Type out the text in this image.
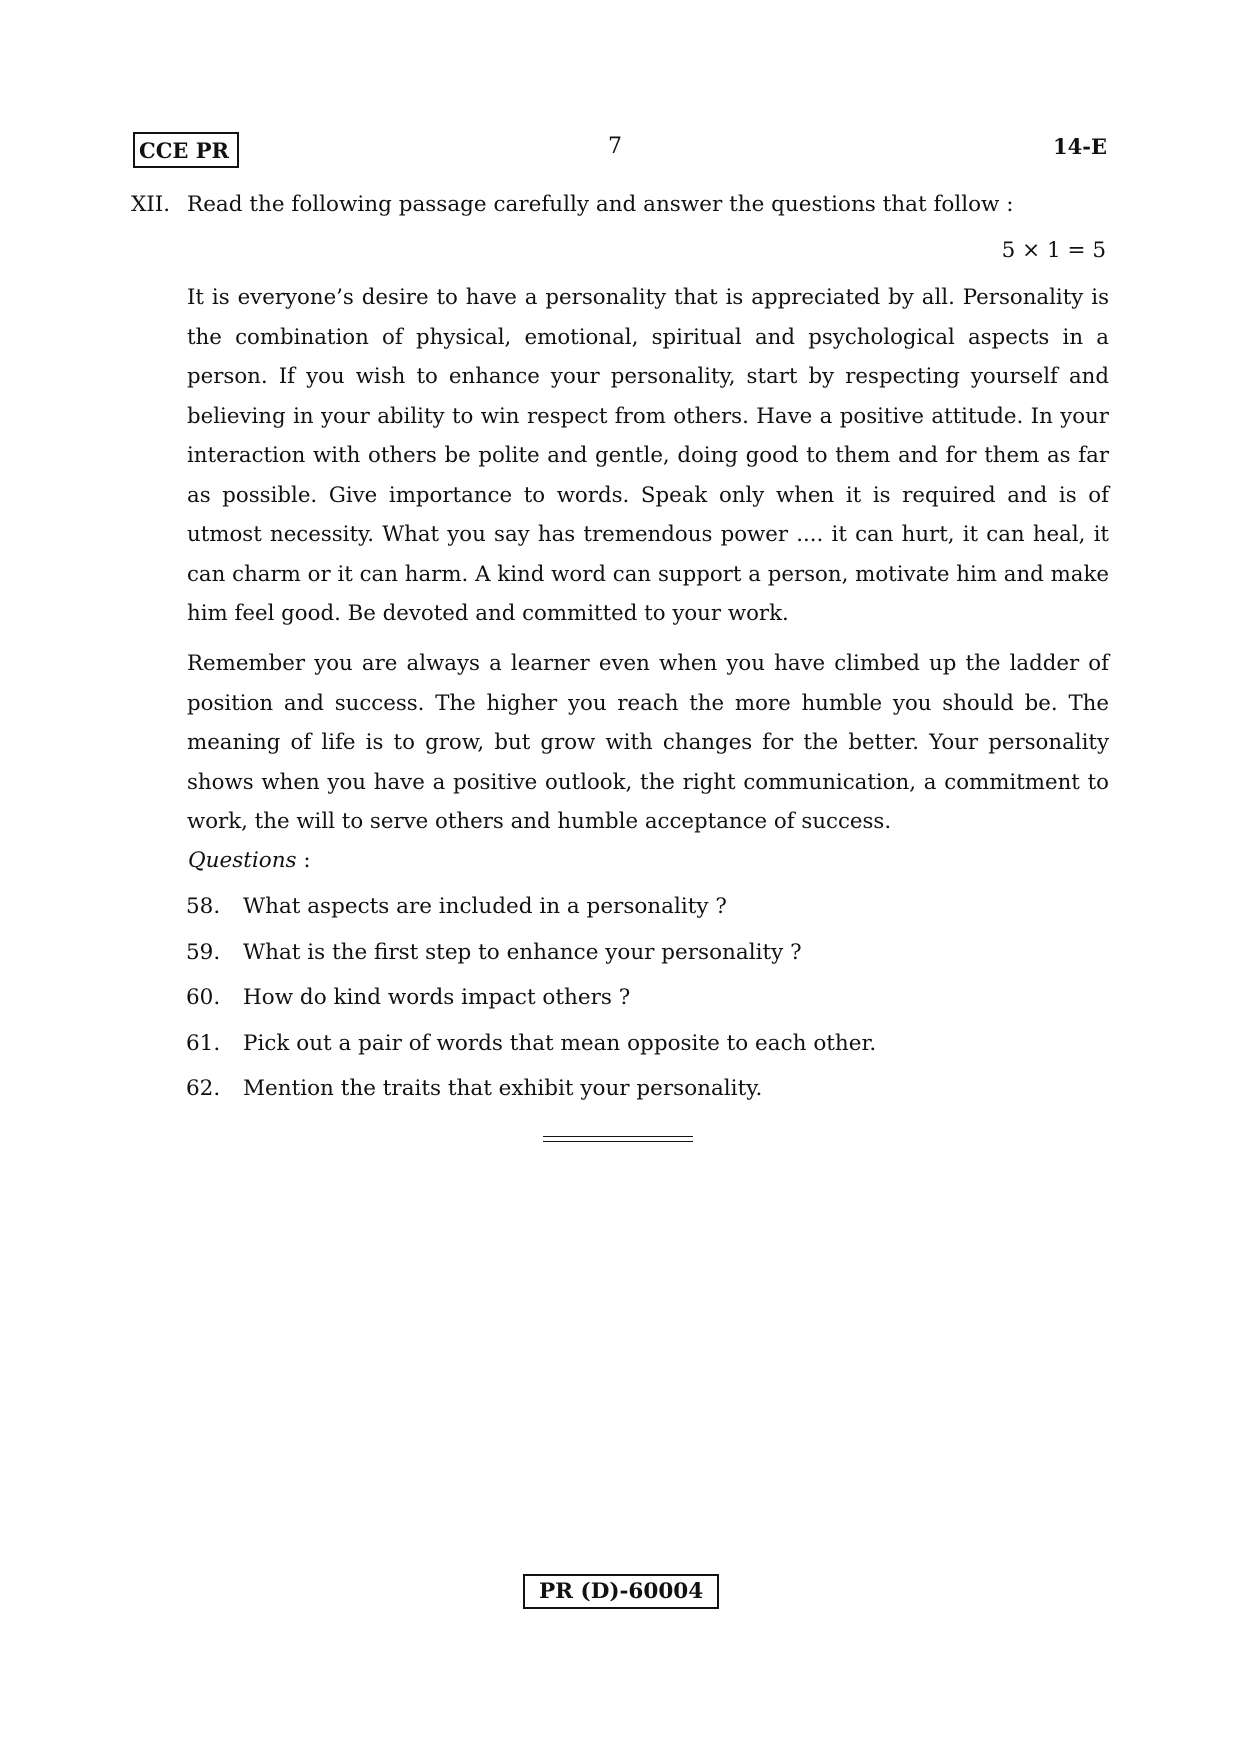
CCE PR	7	14-E
XII. Read the following passage carefully and answer the questions that follow :
5 × 1 = 5

It is everyone’s desire to have a personality that is appreciated by all. Personality is the combination of physical, emotional, spiritual and psychological aspects in a person. If you wish to enhance your personality, start by respecting yourself and believing in your ability to win respect from others. Have a positive attitude. In your interaction with others be polite and gentle, doing good to them and for them as far as possible. Give importance to words. Speak only when it is required and is of utmost necessity. What you say has tremendous power .... it can hurt, it can heal, it can charm or it can harm. A kind word can support a person, motivate him and make him feel good. Be devoted and committed to your work.

Remember you are always a learner even when you have climbed up the ladder of position and success. The higher you reach the more humble you should be. The meaning of life is to grow, but grow with changes for the better. Your personality shows when you have a positive outlook, the right communication, a commitment to work, the will to serve others and humble acceptance of success.

Questions :
58.	What aspects are included in a personality ?
59.	What is the first step to enhance your personality ?
60.	How do kind words impact others ?
61.	Pick out a pair of words that mean opposite to each other.
62.	Mention the traits that exhibit your personality.
PR (D)-60004
